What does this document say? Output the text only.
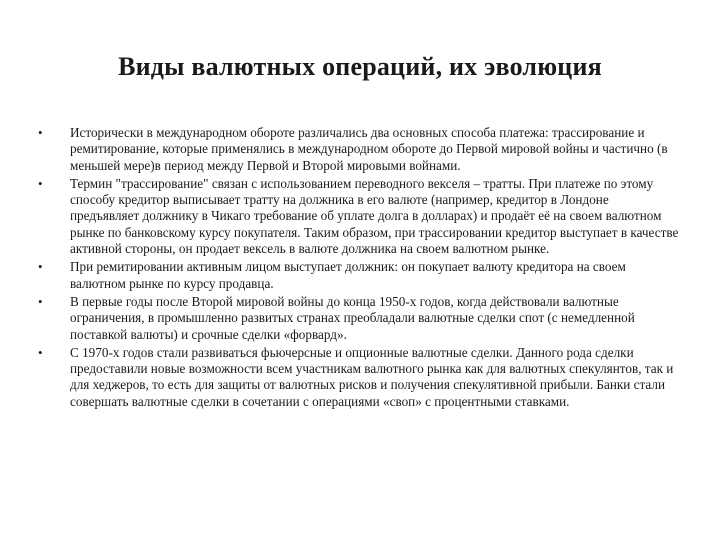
Виды валютных операций, их эволюция
• Исторически в международном обороте различались два основных способа платежа: трассирование и ремитирование, которые применялись в международном обороте до Первой мировой войны и частично (в меньшей мере)в период между Первой и Второй мировыми войнами.
• Термин "трассирование" связан с использованием переводного векселя – тратты. При платеже по этому способу кредитор выписывает тратту на должника в его валюте (например, кредитор в Лондоне предъявляет должнику в Чикаго требование об уплате долга в долларах) и продаёт её на своем валютном рынке по банковскому курсу покупателя. Таким образом, при трассировании кредитор выступает в качестве активной стороны, он продает вексель в валюте должника на своем валютном рынке.
• При ремитировании активным лицом выступает должник: он покупает валюту кредитора на своем валютном рынке по курсу продавца.
• В первые годы после Второй мировой войны до конца 1950-х годов, когда действовали валютные ограничения, в промышленно развитых странах преобладали валютные сделки спот (с немедленной поставкой валюты) и срочные сделки «форвард».
• С 1970-х годов стали развиваться фьючерсные и опционные валютные сделки. Данного рода сделки предоставили новые возможности всем участникам валютного рынка как для валютных спекулянтов, так и для хеджеров, то есть для защиты от валютных рисков и получения спекулятивной прибыли. Банки стали совершать валютные сделки в сочетании с операциями «своп» с процентными ставками.
